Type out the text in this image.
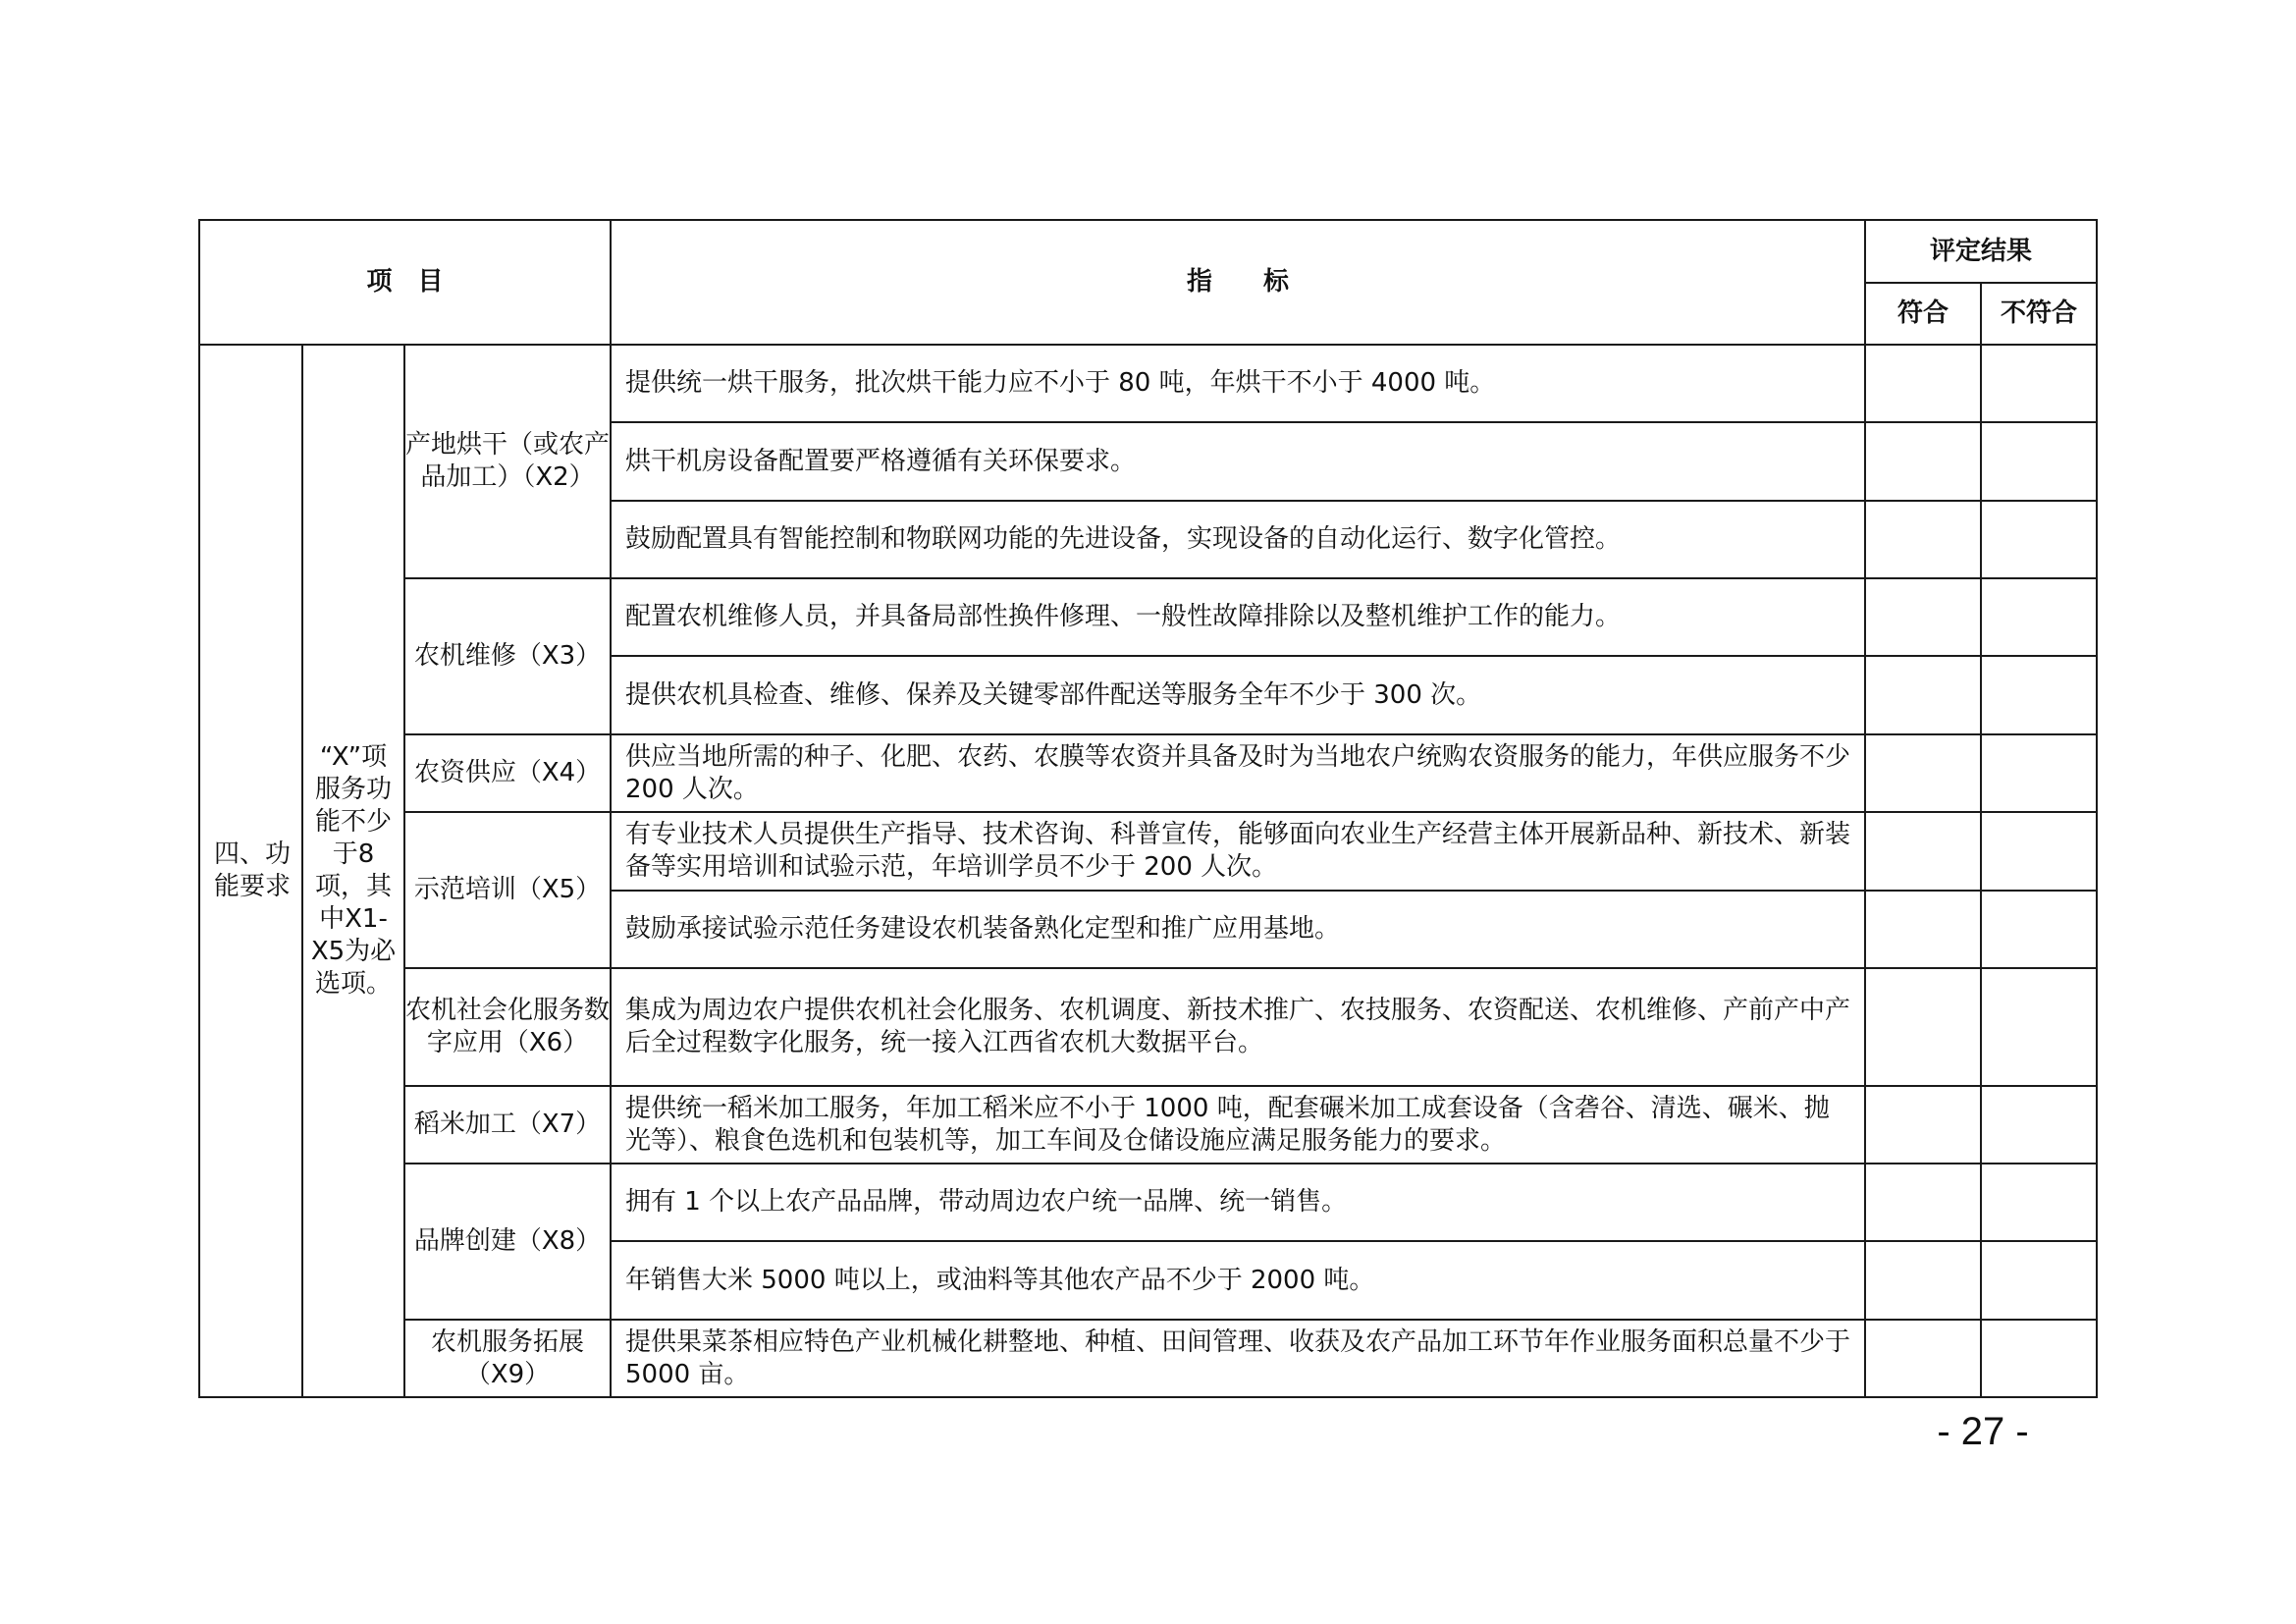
项　目			指　　标	评定结果	
				符合	不符合
四、功能要求	“X”项服务功能不少于8项，其中X1-X5为必选项。	产地烘干（或农产品加工）（X2）	提供统一烘干服务，批次烘干能力应不小于 80 吨，年烘干不小于 4000 吨。		
			烘干机房设备配置要严格遵循有关环保要求。		
			鼓励配置具有智能控制和物联网功能的先进设备，实现设备的自动化运行、数字化管控。		
		农机维修（X3）	配置农机维修人员，并具备局部性换件修理、一般性故障排除以及整机维护工作的能力。		
			提供农机具检查、维修、保养及关键零部件配送等服务全年不少于 300 次。		
		农资供应（X4）	供应当地所需的种子、化肥、农药、农膜等农资并具备及时为当地农户统购农资服务的能力，年供应服务不少 200 人次。		
		示范培训（X5）	有专业技术人员提供生产指导、技术咨询、科普宣传，能够面向农业生产经营主体开展新品种、新技术、新装备等实用培训和试验示范，年培训学员不少于 200 人次。		
			鼓励承接试验示范任务建设农机装备熟化定型和推广应用基地。		
		农机社会化服务数字应用（X6）	集成为周边农户提供农机社会化服务、农机调度、新技术推广、农技服务、农资配送、农机维修、产前产中产后全过程数字化服务，统一接入江西省农机大数据平台。		
		稻米加工（X7）	提供统一稻米加工服务，年加工稻米应不小于 1000 吨，配套碾米加工成套设备（含砻谷、清选、碾米、抛光等）、粮食色选机和包装机等，加工车间及仓储设施应满足服务能力的要求。		
		品牌创建（X8）	拥有 1 个以上农产品品牌，带动周边农户统一品牌、统一销售。		
			年销售大米 5000 吨以上，或油料等其他农产品不少于 2000 吨。		
		农机服务拓展（X9）	提供果菜茶相应特色产业机械化耕整地、种植、田间管理、收获及农产品加工环节年作业服务面积总量不少于 5000 亩。		
- 27 -
